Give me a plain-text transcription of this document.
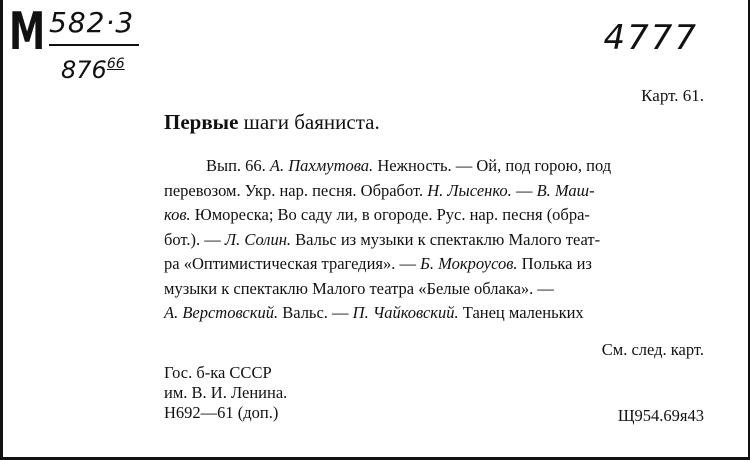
М 582·3
$876^{66}$
4777
Карт. 61.
Первые шаги баяниста.
Вып. 66. А. Пахмутова. Нежность. — Ой, под горою, под
перевозом. Укр. нар. песня. Обработ. Н. Лысенко. — В. Маш-
ков. Юмореска; Во саду ли, в огороде. Рус. нар. песня (обра-
бот.). — Л. Солин. Вальс из музыки к спектаклю Малого теат-
ра «Оптимистическая трагедия». — Б. Мокроусов. Полька из
музыки к спектаклю Малого театра «Белые облака». —
А. Верстовский. Вальс. — П. Чайковский. Танец маленьких
См. след. карт.
Гос. б-ка СССР
им. В. И. Ленина.
Н692—61 (доп.)	Щ954.69я43
